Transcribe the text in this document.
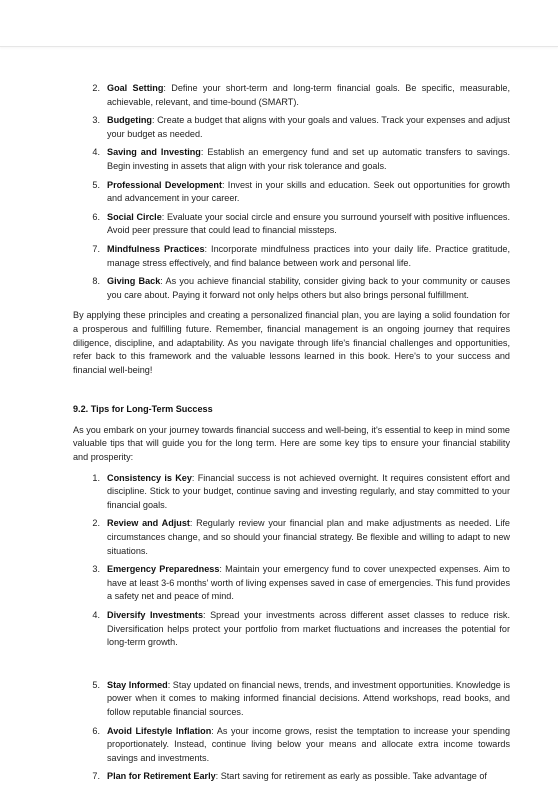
2. Goal Setting: Define your short-term and long-term financial goals. Be specific, measurable, achievable, relevant, and time-bound (SMART).
3. Budgeting: Create a budget that aligns with your goals and values. Track your expenses and adjust your budget as needed.
4. Saving and Investing: Establish an emergency fund and set up automatic transfers to savings. Begin investing in assets that align with your risk tolerance and goals.
5. Professional Development: Invest in your skills and education. Seek out opportunities for growth and advancement in your career.
6. Social Circle: Evaluate your social circle and ensure you surround yourself with positive influences. Avoid peer pressure that could lead to financial missteps.
7. Mindfulness Practices: Incorporate mindfulness practices into your daily life. Practice gratitude, manage stress effectively, and find balance between work and personal life.
8. Giving Back: As you achieve financial stability, consider giving back to your community or causes you care about. Paying it forward not only helps others but also brings personal fulfillment.

By applying these principles and creating a personalized financial plan, you are laying a solid foundation for a prosperous and fulfilling future. Remember, financial management is an ongoing journey that requires diligence, discipline, and adaptability. As you navigate through life's financial challenges and opportunities, refer back to this framework and the valuable lessons learned in this book. Here's to your success and financial well-being!

9.2. Tips for Long-Term Success

As you embark on your journey towards financial success and well-being, it's essential to keep in mind some valuable tips that will guide you for the long term. Here are some key tips to ensure your financial stability and prosperity:

1. Consistency is Key: Financial success is not achieved overnight. It requires consistent effort and discipline. Stick to your budget, continue saving and investing regularly, and stay committed to your financial goals.
2. Review and Adjust: Regularly review your financial plan and make adjustments as needed. Life circumstances change, and so should your financial strategy. Be flexible and willing to adapt to new situations.
3. Emergency Preparedness: Maintain your emergency fund to cover unexpected expenses. Aim to have at least 3-6 months' worth of living expenses saved in case of emergencies. This fund provides a safety net and peace of mind.
4. Diversify Investments: Spread your investments across different asset classes to reduce risk. Diversification helps protect your portfolio from market fluctuations and increases the potential for long-term growth.
5. Stay Informed: Stay updated on financial news, trends, and investment opportunities. Knowledge is power when it comes to making informed financial decisions. Attend workshops, read books, and follow reputable financial sources.
6. Avoid Lifestyle Inflation: As your income grows, resist the temptation to increase your spending proportionately. Instead, continue living below your means and allocate extra income towards savings and investments.
7. Plan for Retirement Early: Start saving for retirement as early as possible. Take advantage of
